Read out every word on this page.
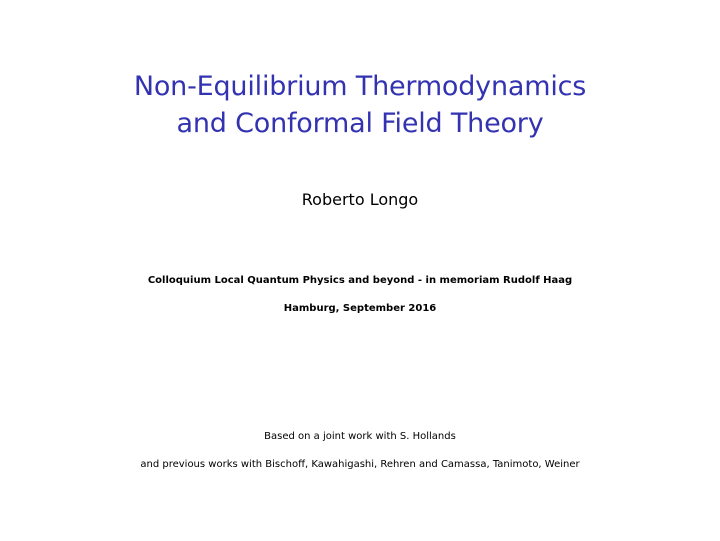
Non-Equilibrium Thermodynamics
and Conformal Field Theory
Roberto Longo
Colloquium Local Quantum Physics and beyond - in memoriam Rudolf Haag
Hamburg, September 2016
Based on a joint work with S. Hollands
and previous works with Bischoff, Kawahigashi, Rehren and Camassa, Tanimoto, Weiner
